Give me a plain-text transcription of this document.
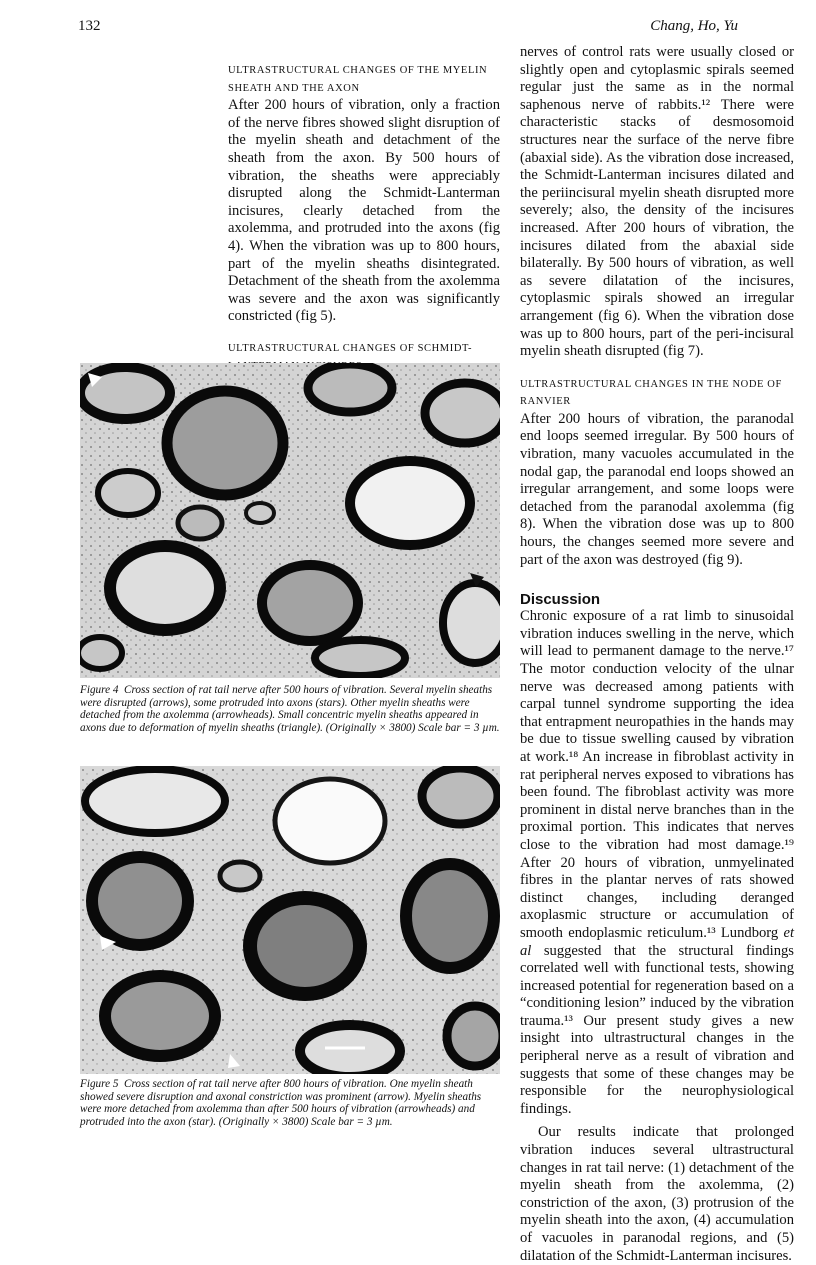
132	Chang, Ho, Yu

ULTRASTRUCTURAL CHANGES OF THE MYELIN SHEATH AND THE AXON

After 200 hours of vibration, only a fraction of the nerve fibres showed slight disruption of the myelin sheath and detachment of the sheath from the axon. By 500 hours of vibration, the sheaths were appreciably disrupted along the Schmidt-Lanterman incisures, clearly detached from the axolemma, and protruded into the axons (fig 4). When the vibration was up to 800 hours, part of the myelin sheaths disintegrated. Detachment of the sheath from the axolemma was severe and the axon was significantly constricted (fig 5).

ULTRASTRUCTURAL CHANGES OF SCHMIDT-

nerves of control rats were usually closed or slightly open and cytoplasmic spirals seemed regular just the same as in the normal saphenous nerve of rabbits.¹² There were characteristic stacks of desmosomoid structures near the surface of the nerve fibre (abaxial side). As the vibration dose increased, the Schmidt-Lanterman incisures dilated and the periincisural myelin sheath disrupted more severely; also, the density of the incisures increased. After 200 hours of vibration, the incisures dilated from the abaxial side bilaterally. By 500 hours of vibration, as well as severe dilatation of the incisures, cytoplasmic spirals showed an irregular arrangement (fig 6). When the vibration dose was up to 800 hours, part of the peri-incisural myelin sheath disrupted (fig 7).

ULTRASTRUCTURAL CHANGES IN THE NODE OF RANVIER

After 200 hours of vibration, the paranodal end loops seemed irregular. By 500 hours of vibration, many vacuoles accumulated in the nodal gap, the paranodal end loops showed an irregular arrangement, and some loops were detached from the paranodal axolemma (fig 8). When the vibration dose was up to 800 hours, the changes seemed more severe and part of the axon was destroyed (fig 9).

Discussion

Chronic exposure of a rat limb to sinusoidal vibration induces swelling in the nerve, which will lead to permanent damage to the nerve.¹⁷ The motor conduction velocity of the ulnar nerve was decreased among patients with carpal tunnel syndrome supporting the idea that entrapment neuropathies in the hands may be due to tissue swelling caused by vibration at work.¹⁸ An increase in fibroblast activity in rat peripheral nerves exposed to vibrations has been found. The fibroblast activity was more prominent in distal nerve branches than in the proximal portion. This indicates that nerves close to the vibration had most damage.¹⁹ After 20 hours of vibration, unmyelinated fibres in the plantar nerves of rats showed distinct changes, including deranged axoplasmic structure or accumulation of smooth endoplasmic reticulum.¹³ Lundborg et al suggested that the structural findings correlated well with functional tests, showing increased potential for regeneration based on a “conditioning lesion” induced by the vibration trauma.¹³ Our present study gives a new insight into ultrastructural changes in the peripheral nerve as a result of vibration and suggests that some of these changes may be responsible for the neurophysiological findings.

Our results indicate that prolonged vibration induces several ultrastructural changes in rat tail nerve: (1) detachment of the myelin sheath from the axolemma, (2) constriction of the axon, (3) protrusion of the myelin sheath into the axon, (4) accumulation of vacuoles in paranodal regions, and (5) dilatation of the Schmidt-Lanterman incisures.

Figure 4 Cross section of rat tail nerve after 500 hours of vibration. Several myelin sheaths were disrupted (arrows), some protruded into axons (stars). Other myelin sheaths were detached from the axolemma (arrowheads). Small concentric myelin sheaths appeared in axons due to deformation of myelin sheaths (triangle). (Originally × 3800) Scale bar = 3 µm.

Figure 5 Cross section of rat tail nerve after 800 hours of vibration. One myelin sheath showed severe disruption and axonal constriction was prominent (arrow). Myelin sheaths were more detached from axolemma than after 500 hours of vibration (arrowheads) and protruded into the axon (star). (Originally × 3800) Scale bar = 3 µm.
